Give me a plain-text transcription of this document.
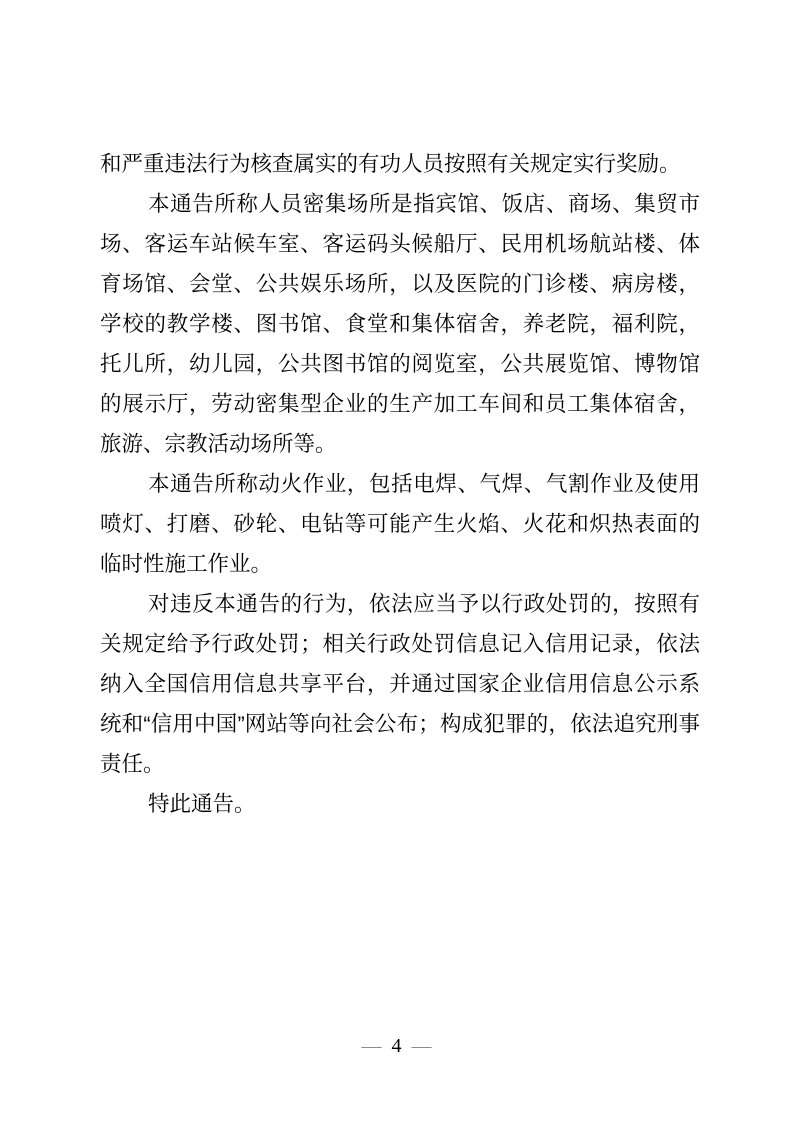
和严重违法行为核查属实的有功人员按照有关规定实行奖励。

本通告所称人员密集场所是指宾馆、饭店、商场、集贸市场、客运车站候车室、客运码头候船厅、民用机场航站楼、体育场馆、会堂、公共娱乐场所，以及医院的门诊楼、病房楼，学校的教学楼、图书馆、食堂和集体宿舍，养老院，福利院，托儿所，幼儿园，公共图书馆的阅览室，公共展览馆、博物馆的展示厅，劳动密集型企业的生产加工车间和员工集体宿舍，旅游、宗教活动场所等。

本通告所称动火作业，包括电焊、气焊、气割作业及使用喷灯、打磨、砂轮、电钻等可能产生火焰、火花和炽热表面的临时性施工作业。

对违反本通告的行为，依法应当予以行政处罚的，按照有关规定给予行政处罚；相关行政处罚信息记入信用记录，依法纳入全国信用信息共享平台，并通过国家企业信用信息公示系统和“信用中国”网站等向社会公布；构成犯罪的，依法追究刑事责任。

特此通告。

— 4 —
